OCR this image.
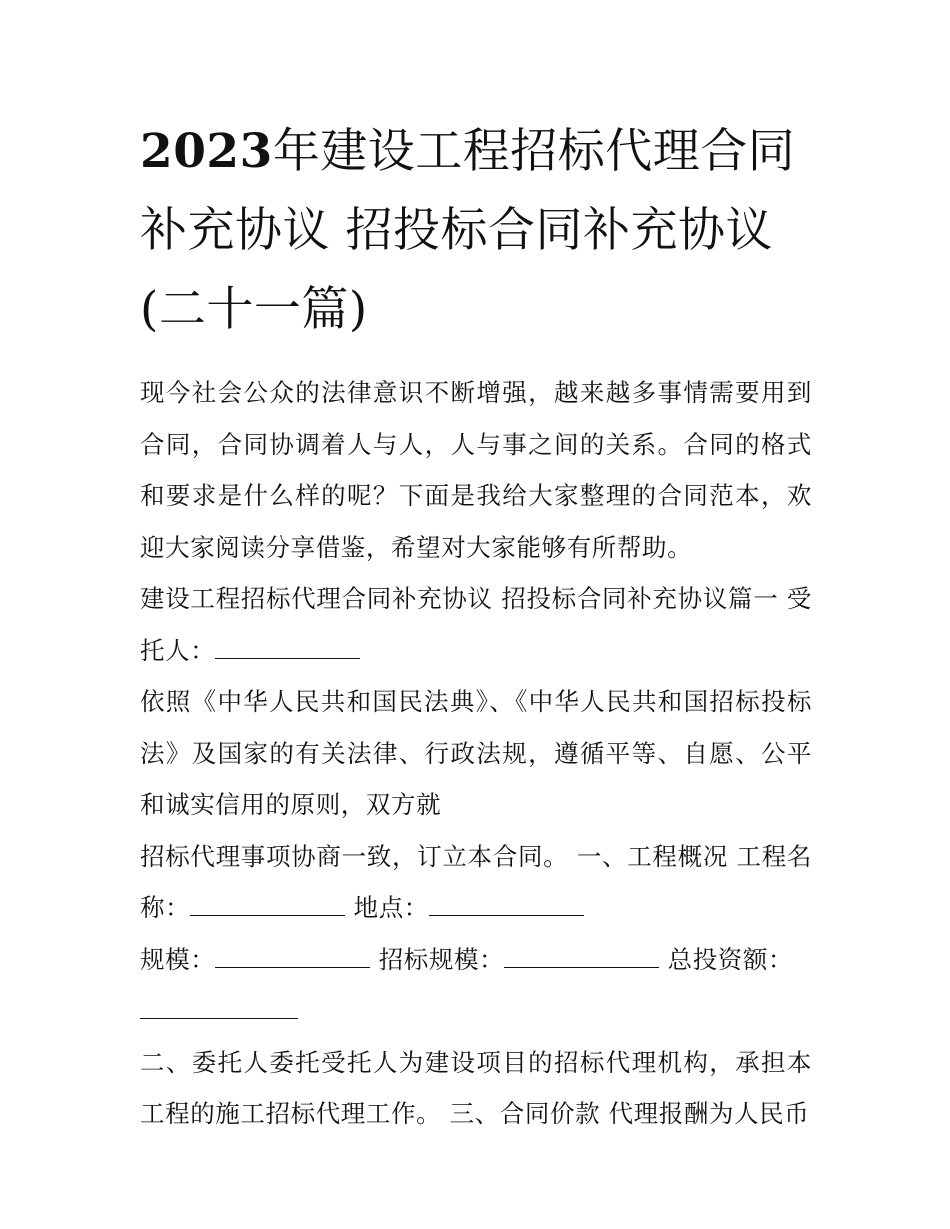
2023年建设工程招标代理合同补充协议 招投标合同补充协议(二十一篇)

现今社会公众的法律意识不断增强，越来越多事情需要用到合同，合同协调着人与人，人与事之间的关系。合同的格式和要求是什么样的呢？下面是我给大家整理的合同范本，欢迎大家阅读分享借鉴，希望对大家能够有所帮助。

建设工程招标代理合同补充协议 招投标合同补充协议篇一 受托人：

依照《中华人民共和国民法典》、《中华人民共和国招标投标法》及国家的有关法律、行政法规，遵循平等、自愿、公平和诚实信用的原则，双方就

招标代理事项协商一致，订立本合同。 一、工程概况 工程名称：	地点：

规模：	招标规模：	总投资额：

二、委托人委托受托人为建设项目的招标代理机构，承担本工程的施工招标代理工作。 三、合同价款 代理报酬为人民币
